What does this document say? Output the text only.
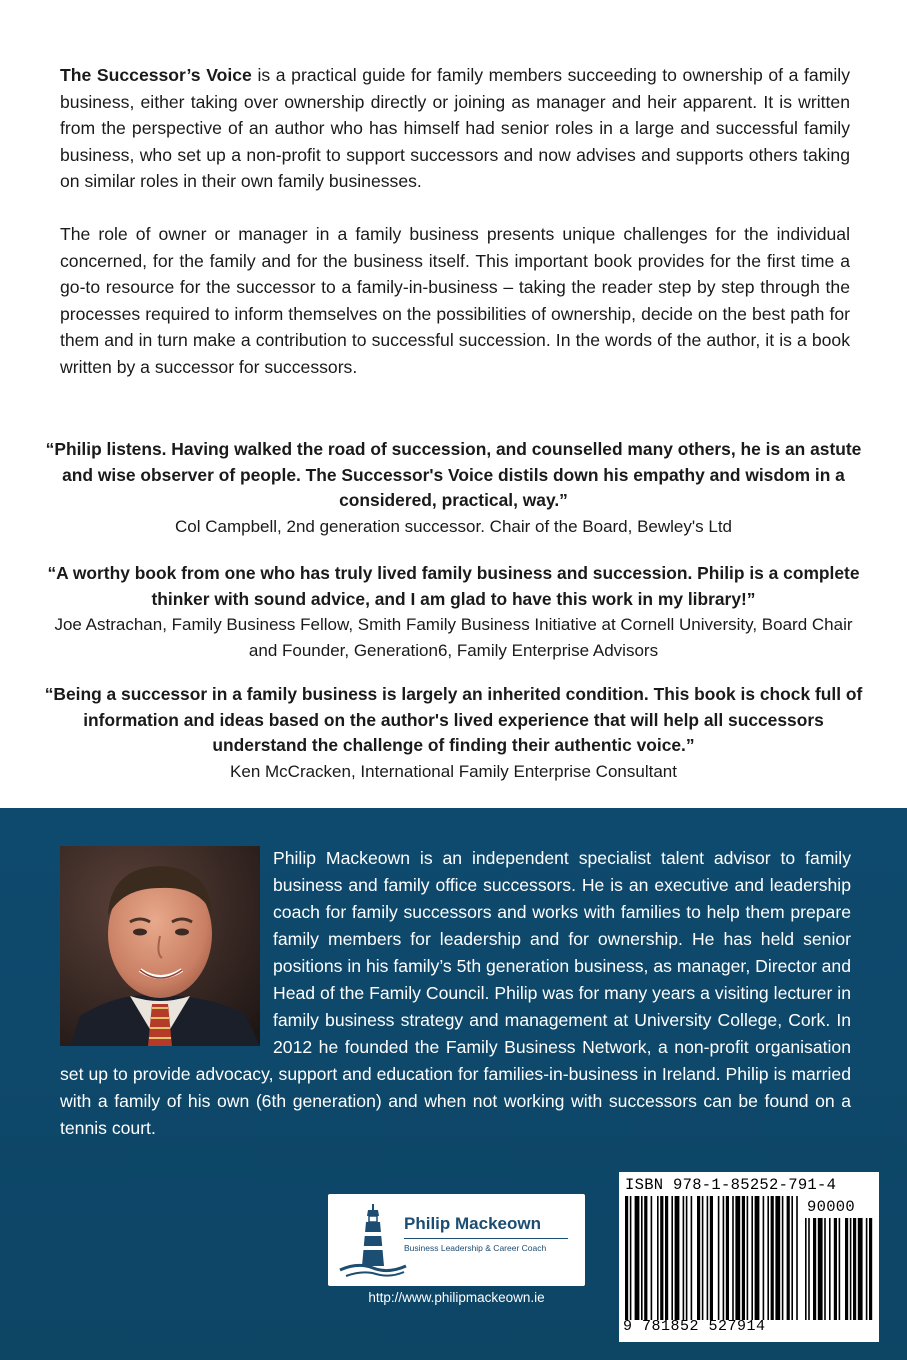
The Successor’s Voice is a practical guide for family members succeeding to ownership of a family business, either taking over ownership directly or joining as manager and heir apparent. It is written from the perspective of an author who has himself had senior roles in a large and successful family business, who set up a non-profit to support successors and now advises and supports others taking on similar roles in their own family businesses.

The role of owner or manager in a family business presents unique challenges for the individual concerned, for the family and for the business itself. This important book provides for the first time a go-to resource for the successor to a family-in-business – taking the reader step by step through the processes required to inform themselves on the possibilities of ownership, decide on the best path for them and in turn make a contribution to successful succession. In the words of the author, it is a book written by a successor for successors.

“Philip listens. Having walked the road of succession, and counselled many others, he is an astute and wise observer of people. The Successor's Voice distils down his empathy and wisdom in a considered, practical, way.”
Col Campbell, 2nd generation successor. Chair of the Board, Bewley's Ltd
“A worthy book from one who has truly lived family business and succession. Philip is a complete thinker with sound advice, and I am glad to have this work in my library!”
Joe Astrachan, Family Business Fellow, Smith Family Business Initiative at Cornell University, Board Chair and Founder, Generation6, Family Enterprise Advisors
“Being a successor in a family business is largely an inherited condition. This book is chock full of information and ideas based on the author's lived experience that will help all successors understand the challenge of finding their authentic voice.”
Ken McCracken, International Family Enterprise Consultant

Philip Mackeown is an independent specialist talent advisor to family business and family office successors. He is an executive and leadership coach for family successors and works with families to help them prepare family members for leadership and for ownership. He has held senior positions in his family’s 5th generation business, as manager, Director and Head of the Family Council. Philip was for many years a visiting lecturer in family business strategy and management at University College, Cork. In 2012 he founded the Family Business Network, a non-profit organisation set up to provide advocacy, support and education for families-in-business in Ireland. Philip is married with a family of his own (6th generation) and when not working with successors can be found on a tennis court.

Philip Mackeown
Business Leadership & Career Coach
http://www.philipmackeown.ie
ISBN 978-1-85252-791-4
90000
9 781852 527914
